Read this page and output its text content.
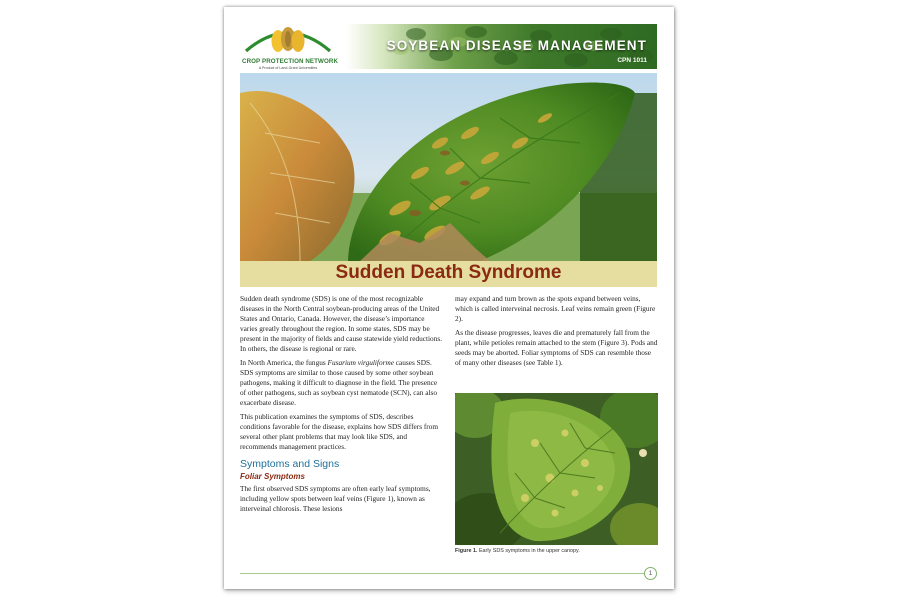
CROP PROTECTION NETWORK
A Product of Land-Grant Universities
SOYBEAN DISEASE MANAGEMENT
CPN 1011
Sudden Death Syndrome

Sudden death syndrome (SDS) is one of the most recognizable diseases in the North Central soybean-producing areas of the United States and Ontario, Canada. However, the disease’s importance varies greatly throughout the region. In some states, SDS may be present in the majority of fields and cause statewide yield reductions. In others, the disease is regional or rare.

In North America, the fungus Fusarium virguliforme causes SDS. SDS symptoms are similar to those caused by some other soybean pathogens, making it difficult to diagnose in the field. The presence of other pathogens, such as soybean cyst nematode (SCN), can also exacerbate disease.

This publication examines the symptoms of SDS, describes conditions favorable for the disease, explains how SDS differs from several other plant problems that may look like SDS, and recommends management practices.

Symptoms and Signs
Foliar Symptoms

The first observed SDS symptoms are often early leaf symptoms, including yellow spots between leaf veins (Figure 1), known as interveinal chlorosis. These lesions

may expand and turn brown as the spots expand between veins, which is called interveinal necrosis. Leaf veins remain green (Figure 2).

As the disease progresses, leaves die and prematurely fall from the plant, while petioles remain attached to the stem (Figure 3). Pods and seeds may be aborted. Foliar symptoms of SDS can resemble those of many other diseases (see Table 1).

Figure 1. Early SDS symptoms in the upper canopy.
1
